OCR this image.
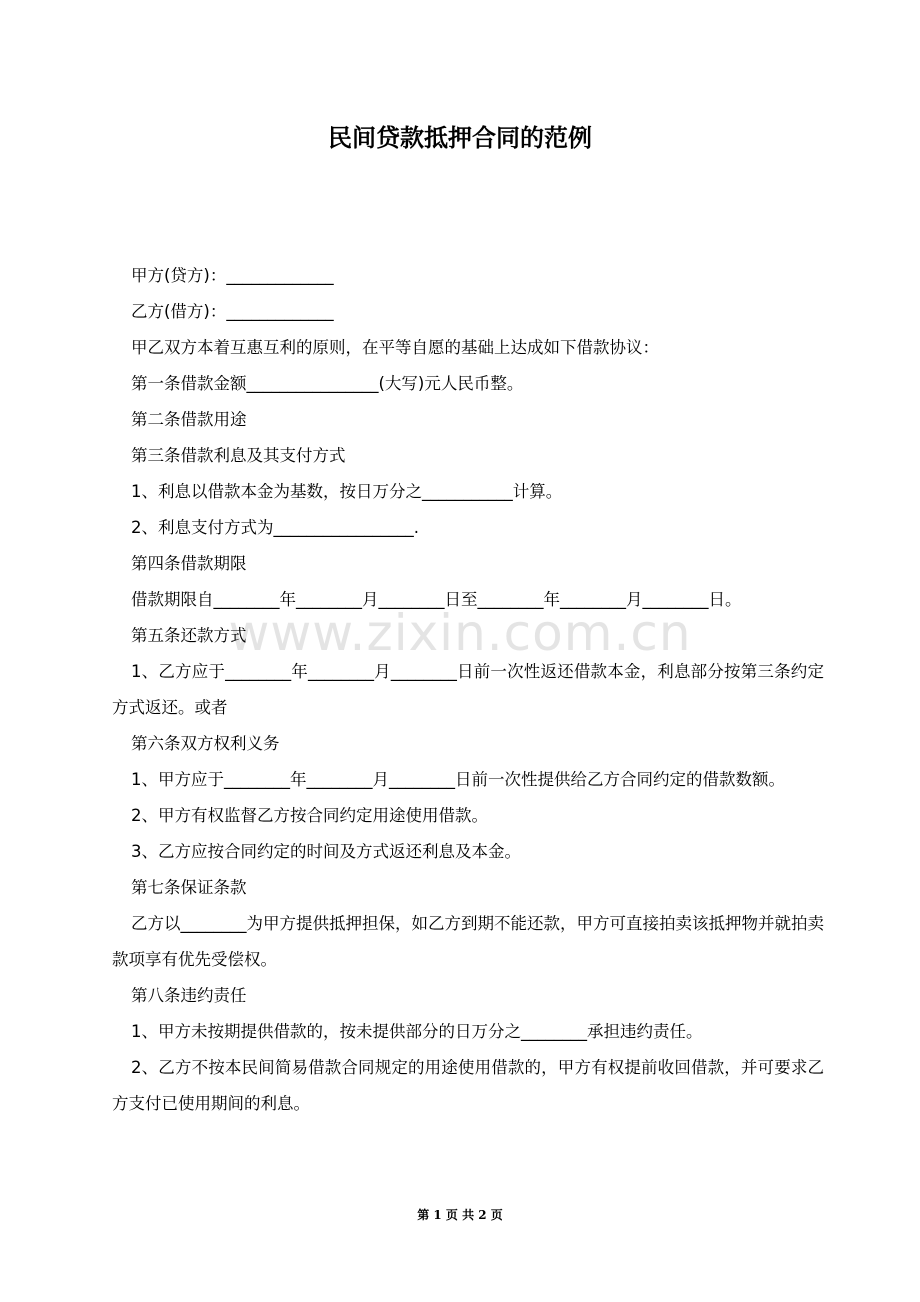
民间贷款抵押合同的范例
www.zixin.com.cn

甲方(贷方)：_____________

乙方(借方)：_____________

甲乙双方本着互惠互利的原则，在平等自愿的基础上达成如下借款协议：

第一条借款金额________________(大写)元人民币整。

第二条借款用途

第三条借款利息及其支付方式

1、利息以借款本金为基数，按日万分之___________计算。

2、利息支付方式为_________________.

第四条借款期限

借款期限自________年________月________日至________年________月________日。

第五条还款方式

1、乙方应于________年________月________日前一次性返还借款本金，利息部分按第三条约定方式返还。或者

第六条双方权利义务

1、甲方应于________年________月________日前一次性提供给乙方合同约定的借款数额。

2、甲方有权监督乙方按合同约定用途使用借款。

3、乙方应按合同约定的时间及方式返还利息及本金。

第七条保证条款

乙方以________为甲方提供抵押担保，如乙方到期不能还款，甲方可直接拍卖该抵押物并就拍卖款项享有优先受偿权。

第八条违约责任

1、甲方未按期提供借款的，按未提供部分的日万分之________承担违约责任。

2、乙方不按本民间简易借款合同规定的用途使用借款的，甲方有权提前收回借款，并可要求乙方支付已使用期间的利息。

第 1 页 共 2 页
